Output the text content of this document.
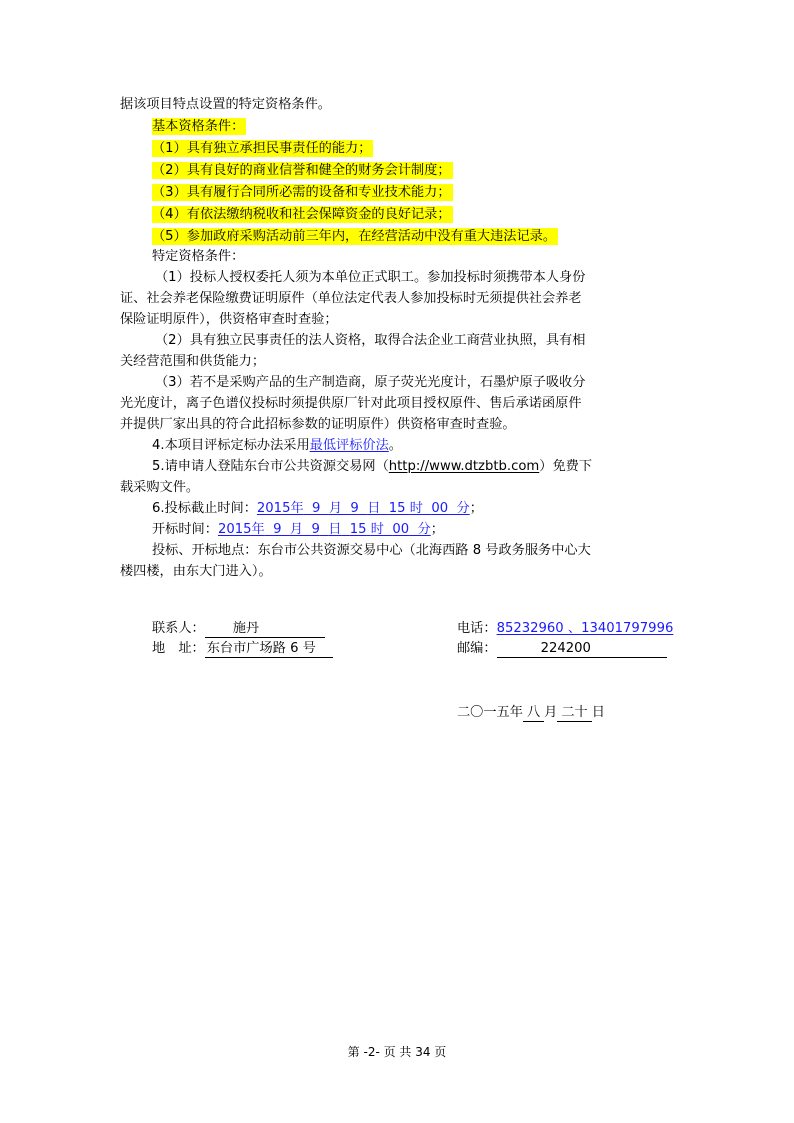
据该项目特点设置的特定资格条件。
基本资格条件：
（1）具有独立承担民事责任的能力；
（2）具有良好的商业信誉和健全的财务会计制度；
（3）具有履行合同所必需的设备和专业技术能力；
（4）有依法缴纳税收和社会保障资金的良好记录；
（5）参加政府采购活动前三年内，在经营活动中没有重大违法记录。
特定资格条件：
（1）投标人授权委托人须为本单位正式职工。参加投标时须携带本人身份
证、社会养老保险缴费证明原件（单位法定代表人参加投标时无须提供社会养老
保险证明原件），供资格审查时查验；
（2）具有独立民事责任的法人资格，取得合法企业工商营业执照，具有相
关经营范围和供货能力；
（3）若不是采购产品的生产制造商，原子荧光光度计，石墨炉原子吸收分
光光度计，离子色谱仪投标时须提供原厂针对此项目授权原件、售后承诺函原件
并提供厂家出具的符合此招标参数的证明原件）供资格审查时查验。
4.本项目评标定标办法采用最低评标价法。
5.请申请人登陆东台市公共资源交易网（http://www.dtzbtb.com）免费下
载采购文件。
6.投标截止时间：2015年 9 月 9 日 15 时 00 分；
开标时间：2015年 9 月 9 日 15 时 00 分；
投标、开标地点：东台市公共资源交易中心（北海西路 8 号政务服务中心大
楼四楼，由东大门进入）。
联系人： 施丹	电话：85232960 、13401797996
地　址： 东台市广场路 6 号	邮编：	224200
二〇一五年 八 月 二十 日
第 -2- 页 共 34 页
